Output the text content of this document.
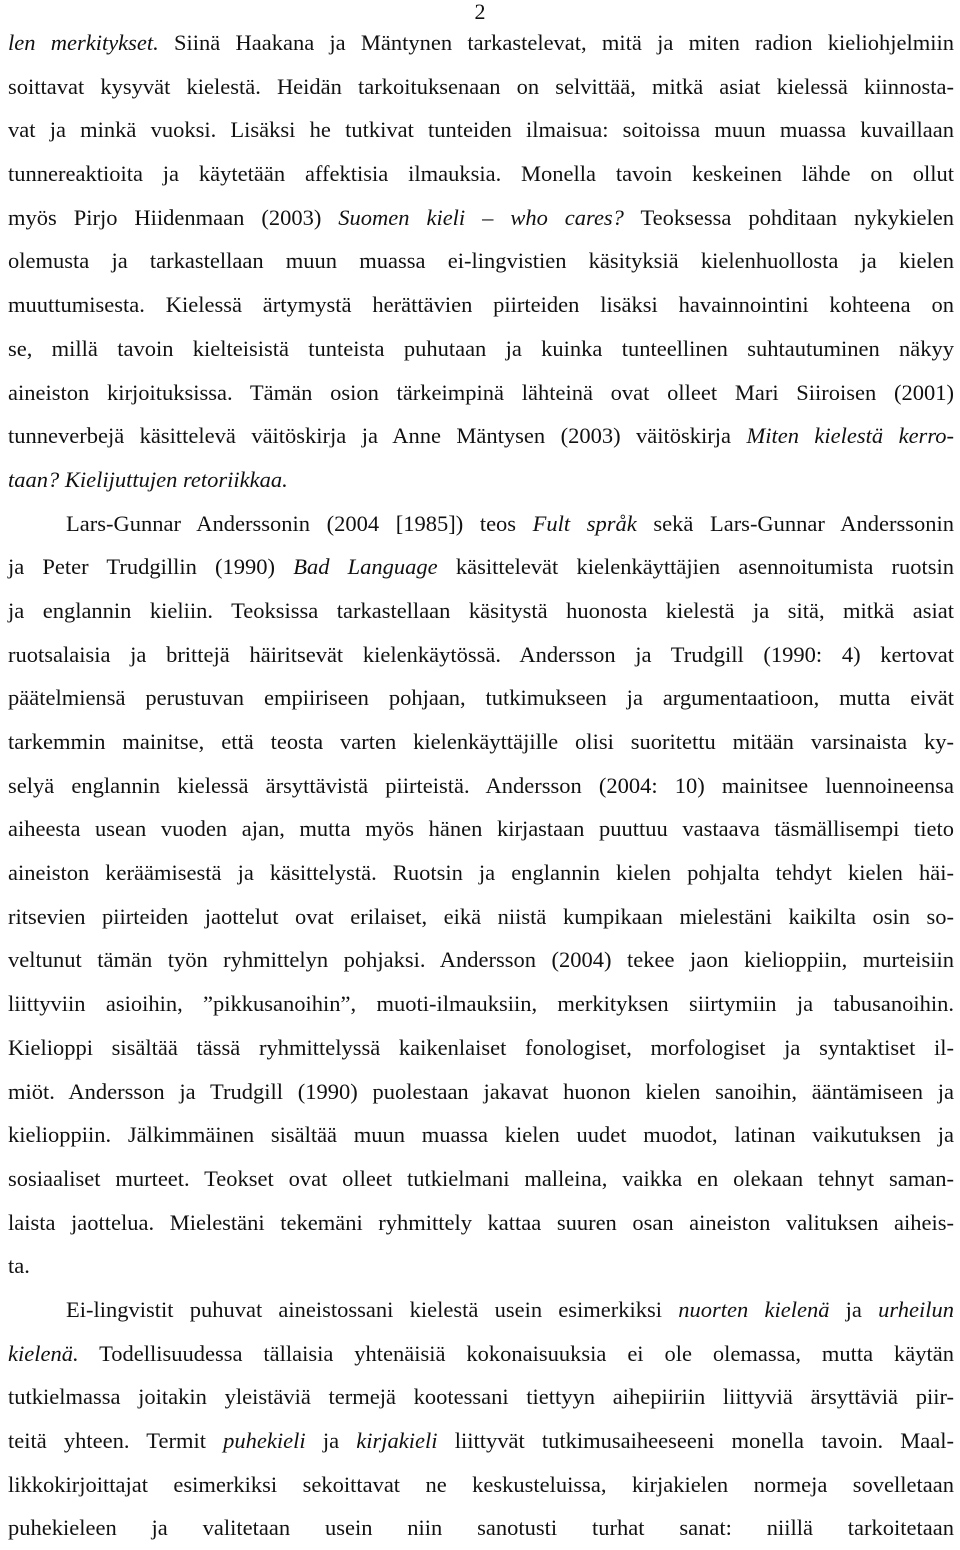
2
len merkitykset. Siinä Haakana ja Mäntynen tarkastelevat, mitä ja miten radion kieliohjelmiin
soittavat kysyvät kielestä. Heidän tarkoituksenaan on selvittää, mitkä asiat kielessä kiinnosta-
vat ja minkä vuoksi. Lisäksi he tutkivat tunteiden ilmaisua: soitoissa muun muassa kuvaillaan
tunnereaktioita ja käytetään affektisia ilmauksia. Monella tavoin keskeinen lähde on ollut
myös Pirjo Hiidenmaan (2003) Suomen kieli – who cares? Teoksessa pohditaan nykykielen
olemusta ja tarkastellaan muun muassa ei-lingvistien käsityksiä kielenhuollosta ja kielen
muuttumisesta. Kielessä ärtymystä herättävien piirteiden lisäksi havainnointini kohteena on
se, millä tavoin kielteisistä tunteista puhutaan ja kuinka tunteellinen suhtautuminen näkyy
aineiston kirjoituksissa. Tämän osion tärkeimpinä lähteinä ovat olleet Mari Siiroisen (2001)
tunneverbejä käsittelevä väitöskirja ja Anne Mäntysen (2003) väitöskirja Miten kielestä kerro-
taan? Kielijuttujen retoriikkaa.
Lars-Gunnar Anderssonin (2004 [1985]) teos Fult språk sekä Lars-Gunnar Anderssonin
ja Peter Trudgillin (1990) Bad Language käsittelevät kielenkäyttäjien asennoitumista ruotsin
ja englannin kieliin. Teoksissa tarkastellaan käsitystä huonosta kielestä ja sitä, mitkä asiat
ruotsalaisia ja brittejä häiritsevät kielenkäytössä. Andersson ja Trudgill (1990: 4) kertovat
päätelmiensä perustuvan empiiriseen pohjaan, tutkimukseen ja argumentaatioon, mutta eivät
tarkemmin mainitse, että teosta varten kielenkäyttäjille olisi suoritettu mitään varsinaista ky-
selyä englannin kielessä ärsyttävistä piirteistä. Andersson (2004: 10) mainitsee luennoineensa
aiheesta usean vuoden ajan, mutta myös hänen kirjastaan puuttuu vastaava täsmällisempi tieto
aineiston keräämisestä ja käsittelystä. Ruotsin ja englannin kielen pohjalta tehdyt kielen häi-
ritsevien piirteiden jaottelut ovat erilaiset, eikä niistä kumpikaan mielestäni kaikilta osin so-
veltunut tämän työn ryhmittelyn pohjaksi. Andersson (2004) tekee jaon kielioppiin, murteisiin
liittyviin asioihin, ”pikkusanoihin”, muoti-ilmauksiin, merkityksen siirtymiin ja tabusanoihin.
Kielioppi sisältää tässä ryhmittelyssä kaikenlaiset fonologiset, morfologiset ja syntaktiset il-
miöt. Andersson ja Trudgill (1990) puolestaan jakavat huonon kielen sanoihin, ääntämiseen ja
kielioppiin. Jälkimmäinen sisältää muun muassa kielen uudet muodot, latinan vaikutuksen ja
sosiaaliset murteet. Teokset ovat olleet tutkielmani malleina, vaikka en olekaan tehnyt saman-
laista jaottelua. Mielestäni tekemäni ryhmittely kattaa suuren osan aineiston valituksen aiheis-
ta.
Ei-lingvistit puhuvat aineistossani kielestä usein esimerkiksi nuorten kielenä ja urheilun
kielenä. Todellisuudessa tällaisia yhtenäisiä kokonaisuuksia ei ole olemassa, mutta käytän
tutkielmassa joitakin yleistäviä termejä kootessani tiettyyn aihepiiriin liittyviä ärsyttäviä piir-
teitä yhteen. Termit puhekieli ja kirjakieli liittyvät tutkimusaiheeseeni monella tavoin. Maal-
likkokirjoittajat esimerkiksi sekoittavat ne keskusteluissa, kirjakielen normeja sovelletaan
puhekieleen ja valitetaan usein niin sanotusti turhat sanat: niillä tarkoitetaan
